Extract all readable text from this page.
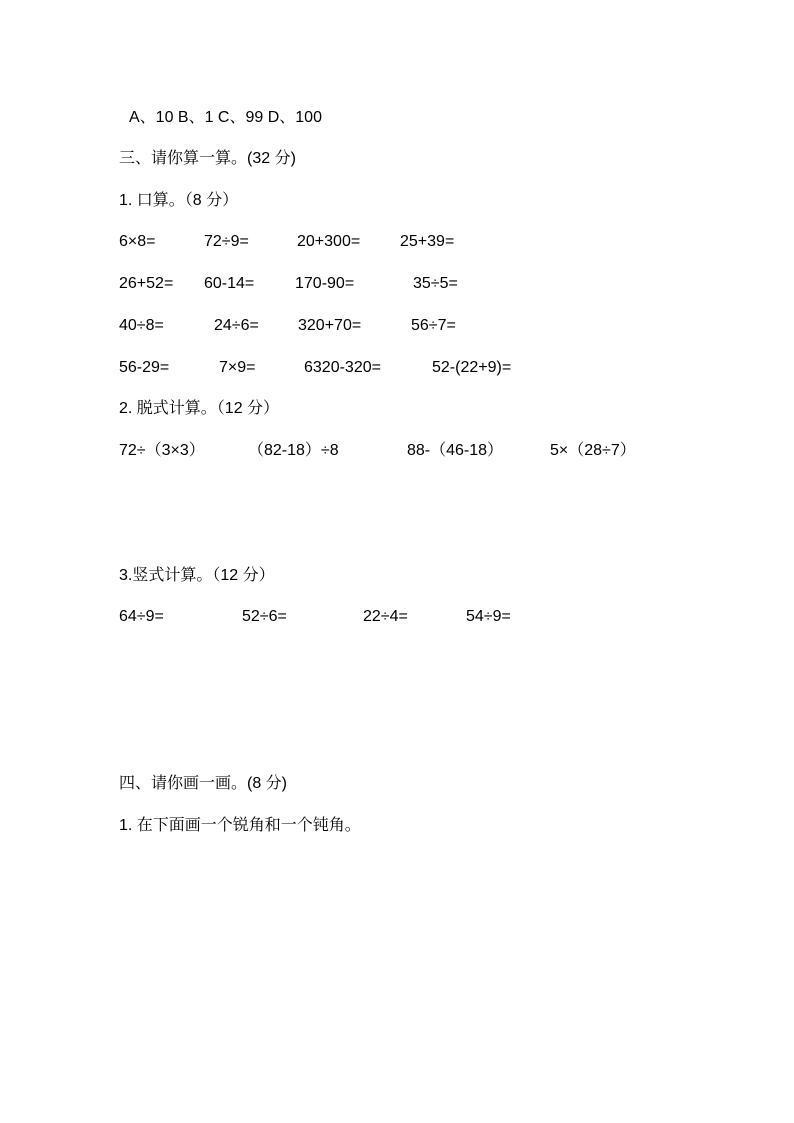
A、10 B、1 C、99 D、100
三、请你算一算。(32 分)
1. 口算。（8 分）
6×8=	72÷9=	20+300= 25+39=
26+52= 60-14=	170-90=	35÷5=
40÷8=	24÷6= 320+70=	56÷7=
56-29=	7×9=	6320-320=	52-(22+9)=
2. 脱式计算。（12 分）
72÷（3×3）	（82-18）÷8	88-（46-18）	5×（28÷7）
3.竖式计算。（12 分）
64÷9=	52÷6=	22÷4=	54÷9=
四、请你画一画。(8 分)
1. 在下面画一个锐角和一个钝角。
